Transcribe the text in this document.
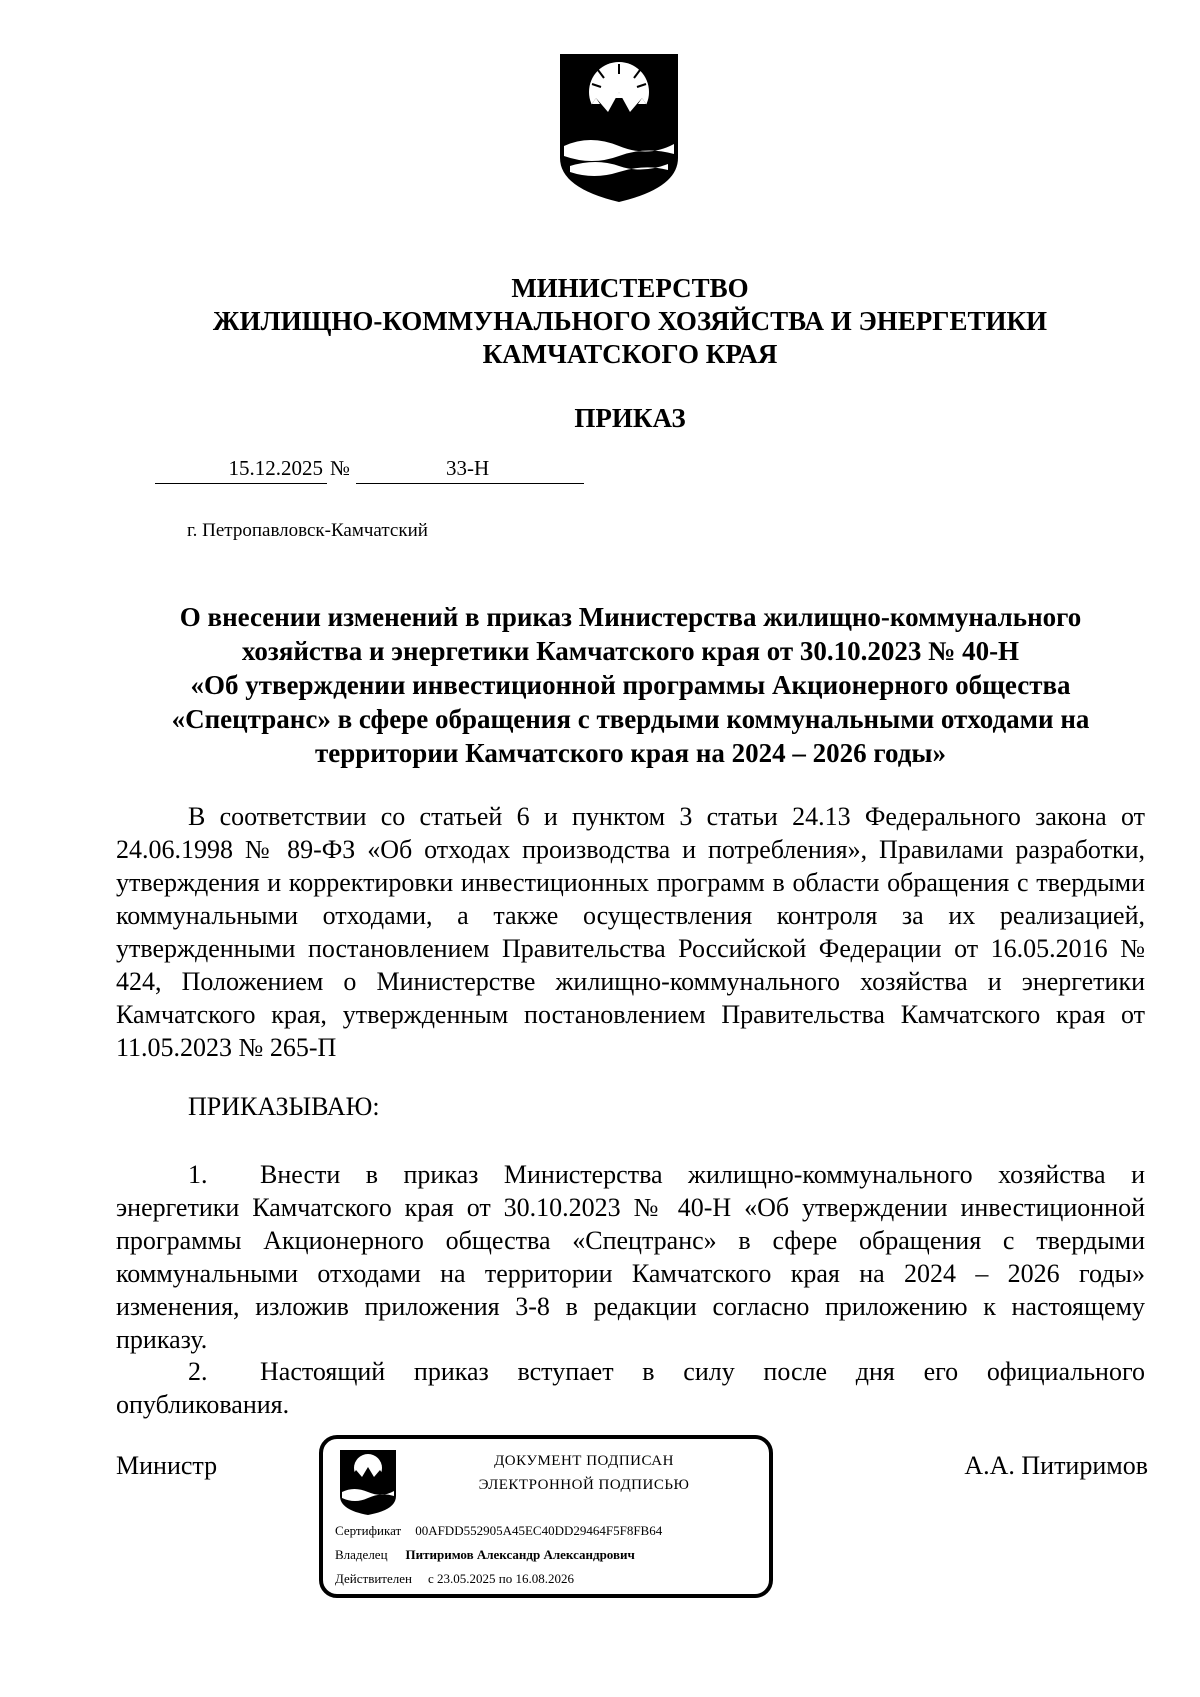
МИНИСТЕРСТВО
ЖИЛИЩНО-КОММУНАЛЬНОГО ХОЗЯЙСТВА И ЭНЕРГЕТИКИ
КАМЧАТСКОГО КРАЯ
ПРИКАЗ
15.12.2025 №	33-Н
г. Петропавловск-Камчатский
О внесении изменений в приказ Министерства жилищно-коммунального
хозяйства и энергетики Камчатского края от 30.10.2023 № 40-Н
«Об утверждении инвестиционной программы Акционерного общества
«Спецтранс» в сфере обращения с твердыми коммунальными отходами на
территории Камчатского края на 2024 – 2026 годы»
В соответствии со статьей 6 и пунктом 3 статьи 24.13 Федерального закона от 24.06.1998 № 89-ФЗ «Об отходах производства и потребления», Правилами разработки, утверждения и корректировки инвестиционных программ в области обращения с твердыми коммунальными отходами, а также осуществления контроля за их реализацией, утвержденными постановлением Правительства Российской Федерации от 16.05.2016 № 424, Положением о Министерстве жилищно-коммунального хозяйства и энергетики Камчатского края, утвержденным постановлением Правительства Камчатского края от 11.05.2023 № 265-П
ПРИКАЗЫВАЮ:
1. Внести в приказ Министерства жилищно-коммунального хозяйства и энергетики Камчатского края от 30.10.2023 № 40-Н «Об утверждении инвестиционной программы Акционерного общества «Спецтранс» в сфере обращения с твердыми коммунальными отходами на территории Камчатского края на 2024 – 2026 годы» изменения, изложив приложения 3-8 в редакции согласно приложению к настоящему приказу.
2. Настоящий приказ вступает в силу после дня его официального опубликования.
Министр	А.А. Питиримов
ДОКУМЕНТ ПОДПИСАН
ЭЛЕКТРОННОЙ ПОДПИСЬЮ
Сертификат 00AFDD552905A45EC40DD29464F5F8FB64
Владелец Питиримов Александр Александрович
Действителен с 23.05.2025 по 16.08.2026
